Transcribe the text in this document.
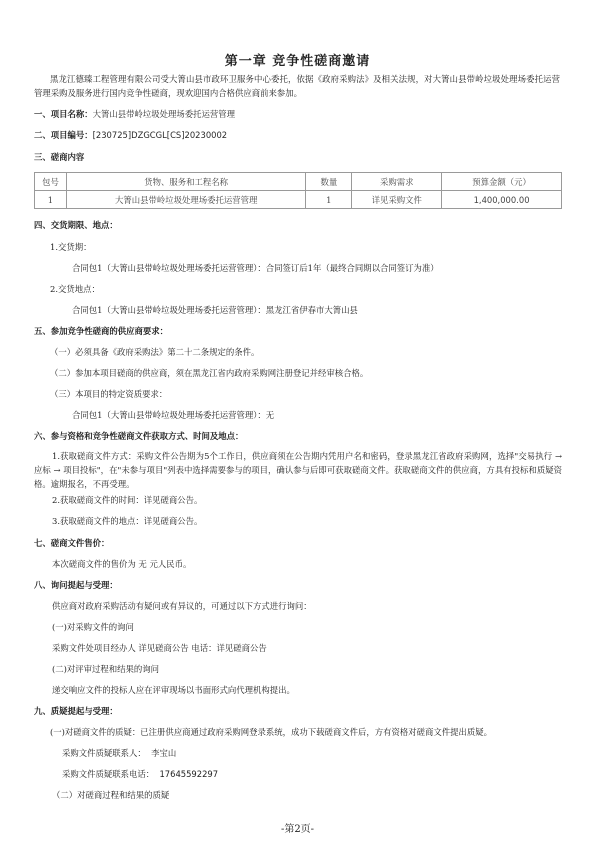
第一章 竞争性磋商邀请
黑龙江德臻工程管理有限公司受大箐山县市政环卫服务中心委托，依据《政府采购法》及相关法规，对大箐山县带岭垃圾处理场委托运营管理采购及服务进行国内竞争性磋商，现欢迎国内合格供应商前来参加。
一、项目名称：大箐山县带岭垃圾处理场委托运营管理
二、项目编号：[230725]DZGCGL[CS]20230002
三、磋商内容
包号	货物、服务和工程名称	数量	采购需求	预算金额（元）
1	大箐山县带岭垃圾处理场委托运营管理	1	详见采购文件	1,400,000.00
四、交货期限、地点：
1.交货期：
合同包1（大箐山县带岭垃圾处理场委托运营管理）：合同签订后1年（最终合同期以合同签订为准）
2.交货地点：
合同包1（大箐山县带岭垃圾处理场委托运营管理）：黑龙江省伊春市大箐山县
五、参加竞争性磋商的供应商要求：
（一）必须具备《政府采购法》第二十二条规定的条件。
（二）参加本项目磋商的供应商，须在黑龙江省内政府采购网注册登记并经审核合格。
（三）本项目的特定资质要求：
合同包1（大箐山县带岭垃圾处理场委托运营管理）：无
六、参与资格和竞争性磋商文件获取方式、时间及地点：
1.获取磋商文件方式：采购文件公告期为5个工作日，供应商须在公告期内凭用户名和密码，登录黑龙江省政府采购网，选择"交易执行 → 应标 → 项目投标"，在"未参与项目"列表中选择需要参与的项目，确认参与后即可获取磋商文件。获取磋商文件的供应商，方具有投标和质疑资格。逾期报名，不再受理。
2.获取磋商文件的时间：详见磋商公告。
3.获取磋商文件的地点：详见磋商公告。
七、磋商文件售价：
本次磋商文件的售价为 无 元人民币。
八、询问提起与受理：
供应商对政府采购活动有疑问或有异议的，可通过以下方式进行询问：
(一)对采购文件的询问
采购文件处项目经办人 详见磋商公告 电话：详见磋商公告
(二)对评审过程和结果的询问
递交响应文件的投标人应在评审现场以书面形式向代理机构提出。
九、质疑提起与受理：
(一)对磋商文件的质疑：已注册供应商通过政府采购网登录系统，成功下载磋商文件后，方有资格对磋商文件提出质疑。
采购文件质疑联系人： 李宝山
采购文件质疑联系电话： 17645592297
（二）对磋商过程和结果的质疑
-第2页-
